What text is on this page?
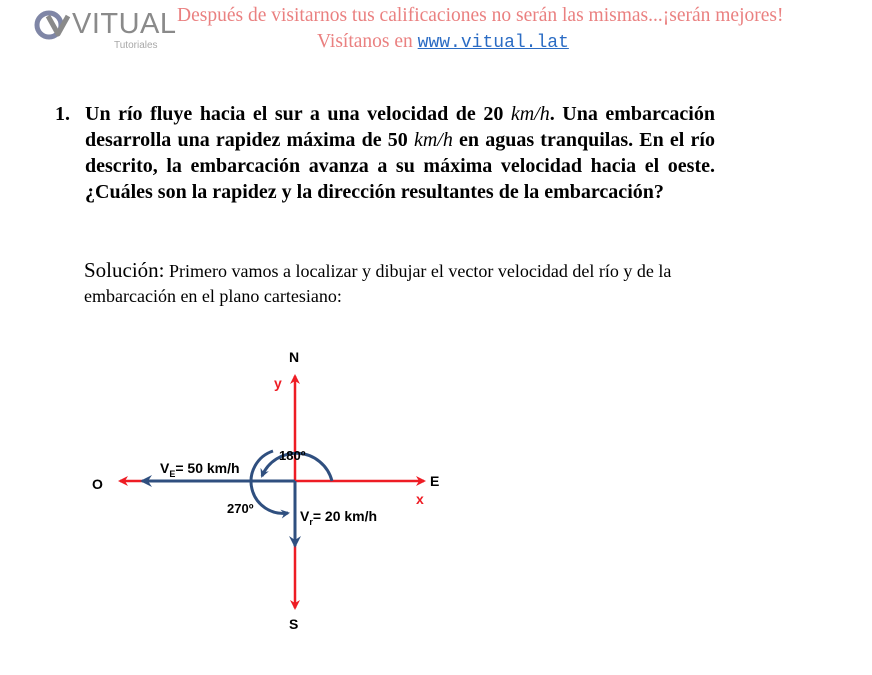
VITUAL
Tutoriales
Después de visitarnos tus calificaciones no serán las mismas...¡serán mejores!
Visítanos en www.vitual.lat
1. Un río fluye hacia el sur a una velocidad de 20 km/h. Una embarcación desarrolla una rapidez máxima de 50 km/h en aguas tranquilas. En el río descrito, la embarcación avanza a su máxima velocidad hacia el oeste. ¿Cuáles son la rapidez y la dirección resultantes de la embarcación?

Solución: Primero vamos a localizar y dibujar el vector velocidad del río y de la embarcación en el plano cartesiano:
N
S
E
O
y
x
180º
270º
$V_E= 50$ km/h
$V_r= 20$ km/h
